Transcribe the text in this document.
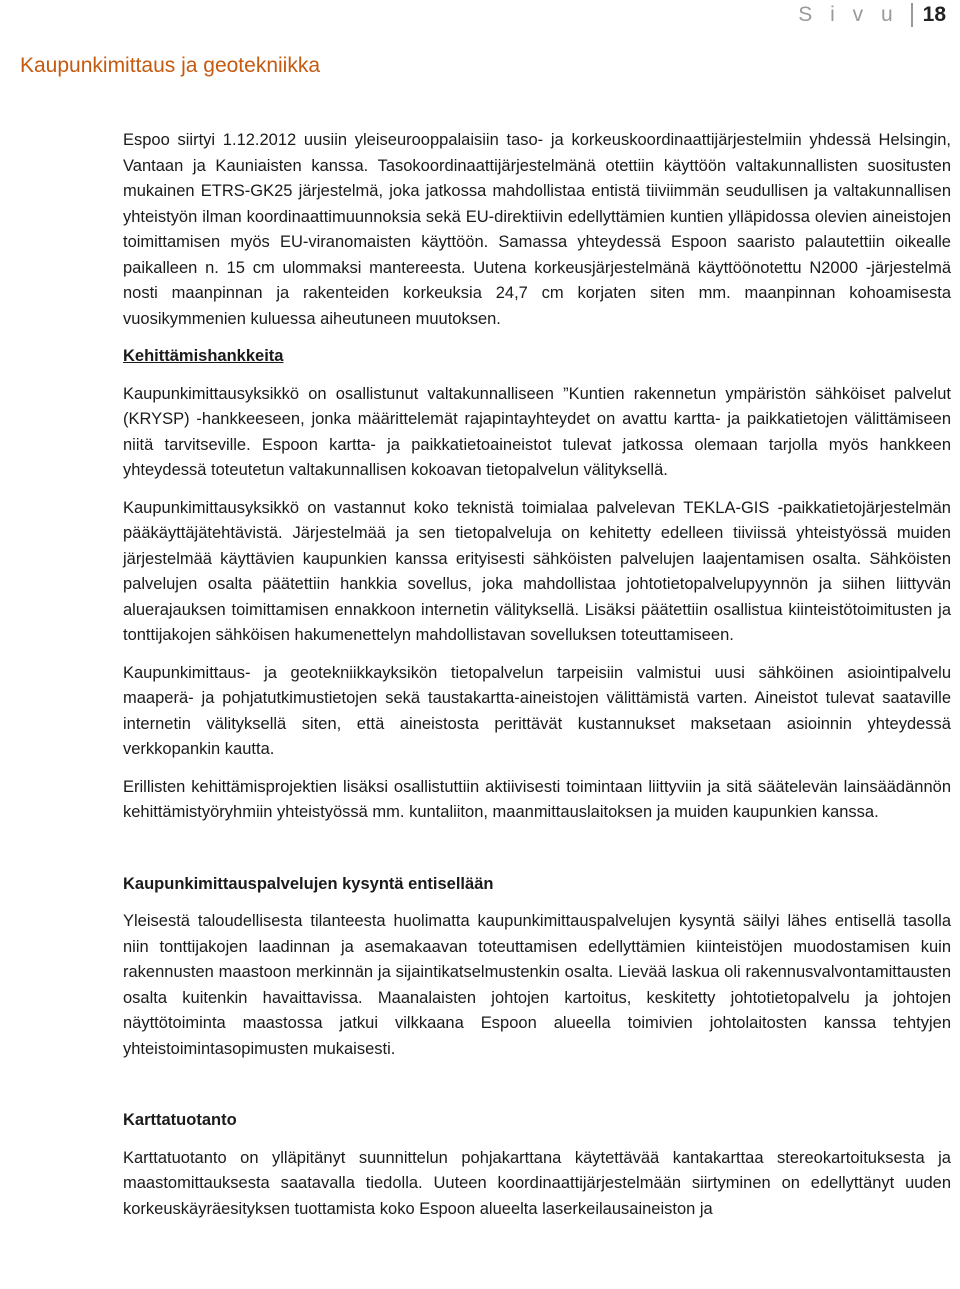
S i v u 18
Kaupunkimittaus ja geotekniikka

Espoo siirtyi 1.12.2012 uusiin yleiseurooppalaisiin taso- ja korkeuskoordinaattijärjestelmiin yhdessä Helsingin, Vantaan ja Kauniaisten kanssa. Tasokoordinaattijärjestelmänä otettiin käyttöön valtakunnallisten suositusten mukainen ETRS-GK25 järjestelmä, joka jatkossa mahdollistaa entistä tiiviimmän seudullisen ja valtakunnallisen yhteistyön ilman koordinaattimuunnoksia sekä EU-direktiivin edellyttämien kuntien ylläpidossa olevien aineistojen toimittamisen myös EU-viranomaisten käyttöön. Samassa yhteydessä Espoon saaristo palautettiin oikealle paikalleen n. 15 cm ulommaksi mantereesta. Uutena korkeusjärjestelmänä käyttöönotettu N2000 -järjestelmä nosti maanpinnan ja rakenteiden korkeuksia 24,7 cm korjaten siten mm. maanpinnan kohoamisesta vuosikymmenien kuluessa aiheutuneen muutoksen.

Kehittämishankkeita

Kaupunkimittausyksikkö on osallistunut valtakunnalliseen ”Kuntien rakennetun ympäristön sähköiset palvelut (KRYSP) -hankkeeseen, jonka määrittelemät rajapintayhteydet on avattu kartta- ja paikkatietojen välittämiseen niitä tarvitseville. Espoon kartta- ja paikkatietoaineistot tulevat jatkossa olemaan tarjolla myös hankkeen yhteydessä toteutetun valtakunnallisen kokoavan tietopalvelun välityksellä.

Kaupunkimittausyksikkö on vastannut koko teknistä toimialaa palvelevan TEKLA-GIS -paikkatietojärjestelmän pääkäyttäjätehtävistä. Järjestelmää ja sen tietopalveluja on kehitetty edelleen tiiviissä yhteistyössä muiden järjestelmää käyttävien kaupunkien kanssa erityisesti sähköisten palvelujen laajentamisen osalta. Sähköisten palvelujen osalta päätettiin hankkia sovellus, joka mahdollistaa johtotietopalvelupyynnön ja siihen liittyvän aluerajauksen toimittamisen ennakkoon internetin välityksellä. Lisäksi päätettiin osallistua kiinteistötoimitusten ja tonttijakojen sähköisen hakumenettelyn mahdollistavan sovelluksen toteuttamiseen.

Kaupunkimittaus- ja geotekniikkayksikön tietopalvelun tarpeisiin valmistui uusi sähköinen asiointipalvelu maaperä- ja pohjatutkimustietojen sekä taustakartta-aineistojen välittämistä varten. Aineistot tulevat saataville internetin välityksellä siten, että aineistosta perittävät kustannukset maksetaan asioinnin yhteydessä verkkopankin kautta.

Erillisten kehittämisprojektien lisäksi osallistuttiin aktiivisesti toimintaan liittyviin ja sitä säätelevän lainsäädännön kehittämistyöryhmiin yhteistyössä mm. kuntaliiton, maanmittauslaitoksen ja muiden kaupunkien kanssa.

Kaupunkimittauspalvelujen kysyntä entisellään

Yleisestä taloudellisesta tilanteesta huolimatta kaupunkimittauspalvelujen kysyntä säilyi lähes entisellä tasolla niin tonttijakojen laadinnan ja asemakaavan toteuttamisen edellyttämien kiinteistöjen muodostamisen kuin rakennusten maastoon merkinnän ja sijaintikatselmustenkin osalta. Lievää laskua oli rakennusvalvontamittausten osalta kuitenkin havaittavissa. Maanalaisten johtojen kartoitus, keskitetty johtotietopalvelu ja johtojen näyttötoiminta maastossa jatkui vilkkaana Espoon alueella toimivien johtolaitosten kanssa tehtyjen yhteistoimintasopimusten mukaisesti.

Karttatuotanto

Karttatuotanto on ylläpitänyt suunnittelun pohjakarttana käytettävää kantakarttaa stereokartoituksesta ja maastomittauksesta saatavalla tiedolla. Uuteen koordinaattijärjestelmään siirtyminen on edellyttänyt uuden korkeuskäyräesityksen tuottamista koko Espoon alueelta laserkeilausaineiston ja
